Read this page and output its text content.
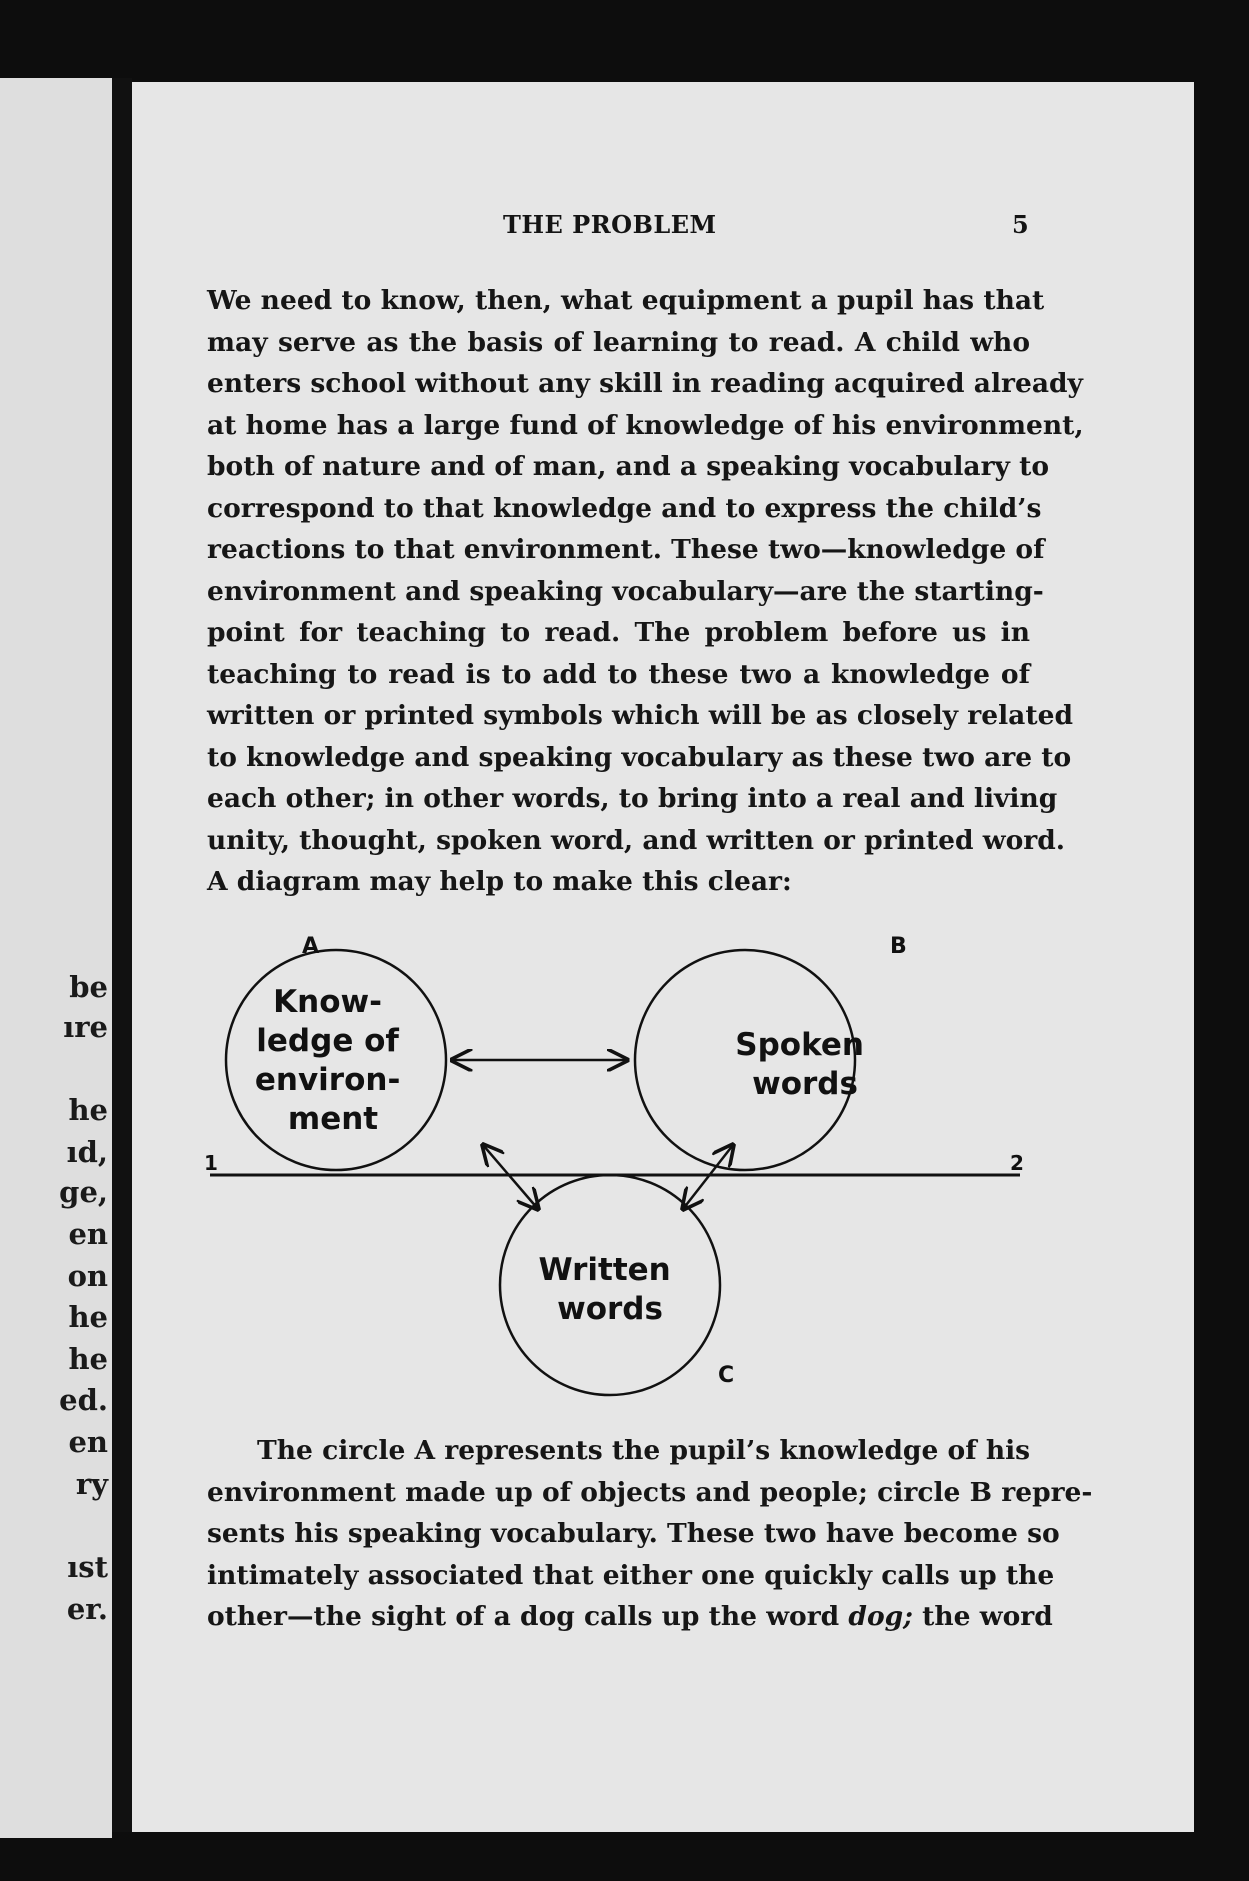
be
ıre
he
ıd,
ge,
en
on
he
he
ed.
en
ry
ıst
er.
THE PROBLEM	5
We need to know, then, what equipment a pupil has that
may serve as the basis of learning to read. A child who
enters school without any skill in reading acquired already
at home has a large fund of knowledge of his environment,
both of nature and of man, and a speaking vocabulary to
correspond to that knowledge and to express the child’s
reactions to that environment. These two—knowledge of
environment and speaking vocabulary—are the starting-
point for teaching to read. The problem before us in
teaching to read is to add to these two a knowledge of
written or printed symbols which will be as closely related
to knowledge and speaking vocabulary as these two are to
each other; in other words, to bring into a real and living
unity, thought, spoken word, and written or printed word.
A diagram may help to make this clear:
A	B
C
1	2
Know- ledge of environ- ment
Spoken words
Written words
The circle A represents the pupil’s knowledge of his
environment made up of objects and people; circle B repre-
sents his speaking vocabulary. These two have become so
intimately associated that either one quickly calls up the
other—the sight of a dog calls up the word dog; the word
